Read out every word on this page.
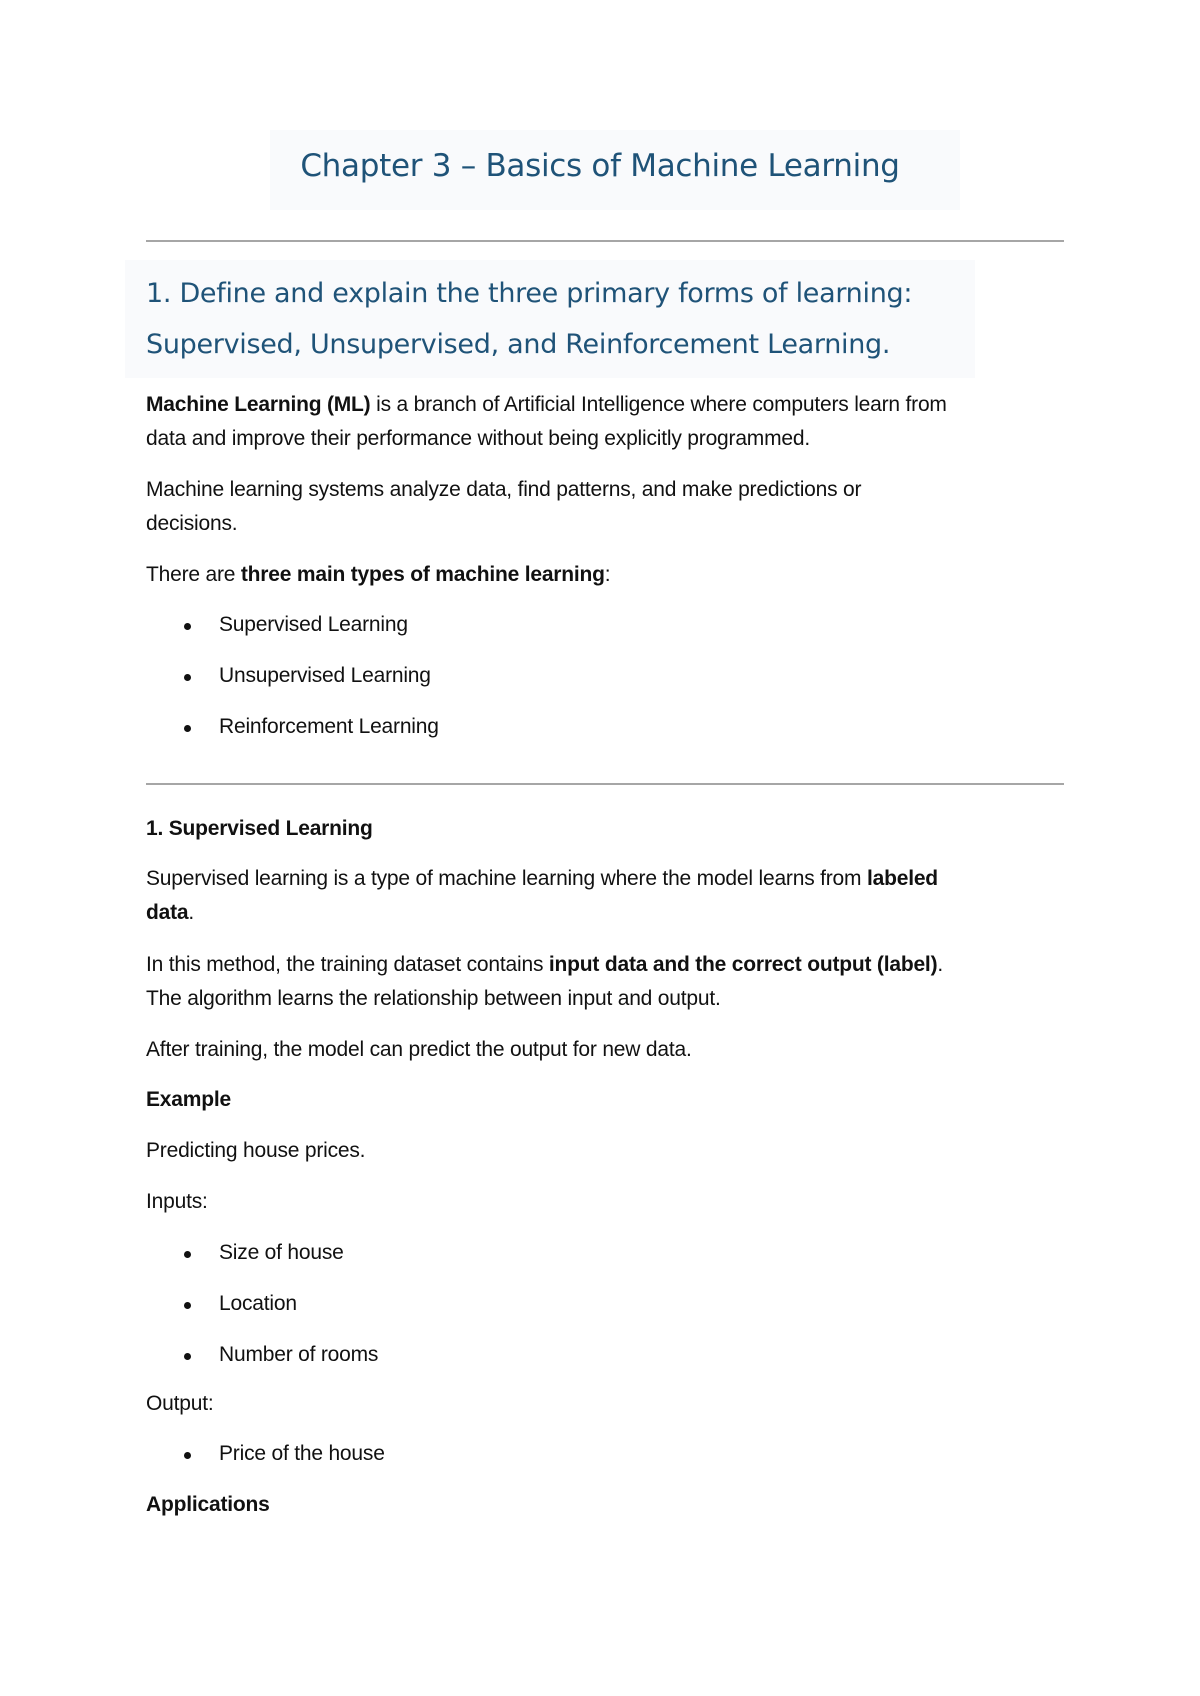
Chapter 3 – Basics of Machine Learning
1. Define and explain the three primary forms of learning:
Supervised, Unsupervised, and Reinforcement Learning.

Machine Learning (ML) is a branch of Artificial Intelligence where computers learn from
data and improve their performance without being explicitly programmed.

Machine learning systems analyze data, find patterns, and make predictions or
decisions.

There are three main types of machine learning:

Supervised Learning
Unsupervised Learning
Reinforcement Learning

1. Supervised Learning

Supervised learning is a type of machine learning where the model learns from labeled
data.

In this method, the training dataset contains input data and the correct output (label).
The algorithm learns the relationship between input and output.

After training, the model can predict the output for new data.

Example

Predicting house prices.

Inputs:

Size of house
Location
Number of rooms

Output:

Price of the house

Applications
